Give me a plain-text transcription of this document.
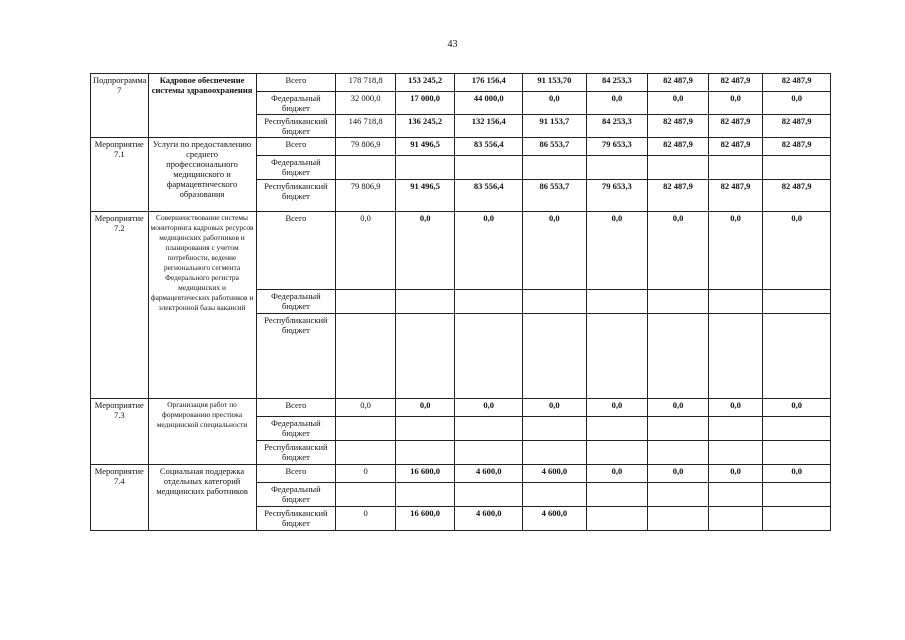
43
Подпрограмма 7	Кадровое обеспечение системы здравоохранения	Всего	178 718,8	153 245,2	176 156,4	91 153,70	84 253,3	82 487,9	82 487,9	82 487,9
		Федеральный бюджет	32 000,0	17 000,0	44 000,0	0,0	0,0	0,0	0,0	0,0
		Республиканский бюджет	146 718,8	136 245,2	132 156,4	91 153,7	84 253,3	82 487,9	82 487,9	82 487,9
Мероприятие 7.1	Услуги по предоставлению среднего профессионального медицинского и фармацевтического образования	Всего	79 806,9	91 496,5	83 556,4	86 553,7	79 653,3	82 487,9	82 487,9	82 487,9
		Федеральный бюджет								
		Республиканский бюджет	79 806,9	91 496,5	83 556,4	86 553,7	79 653,3	82 487,9	82 487,9	82 487,9
Мероприятие 7.2	Совершенствование системы мониторинга кадровых ресурсов медицинских работников и планирования с учетом потребности, ведение регионального сегмента Федерального регистра медицинских и фармацевтических работников и электронной базы вакансий	Всего	0,0	0,0	0,0	0,0	0,0	0,0	0,0	0,0
		Федеральный бюджет								
		Республиканский бюджет								
Мероприятие 7.3	Организация работ по формированию престижа медицинской специальности	Всего	0,0	0,0	0,0	0,0	0,0	0,0	0,0	0,0
		Федеральный бюджет								
		Республиканский бюджет								
Мероприятие 7.4	Социальная поддержка отдельных категорий медицинских работников	Всего	0	16 600,0	4 600,0	4 600,0	0,0	0,0	0,0	0,0
		Федеральный бюджет								
		Республиканский бюджет	0	16 600,0	4 600,0	4 600,0				
